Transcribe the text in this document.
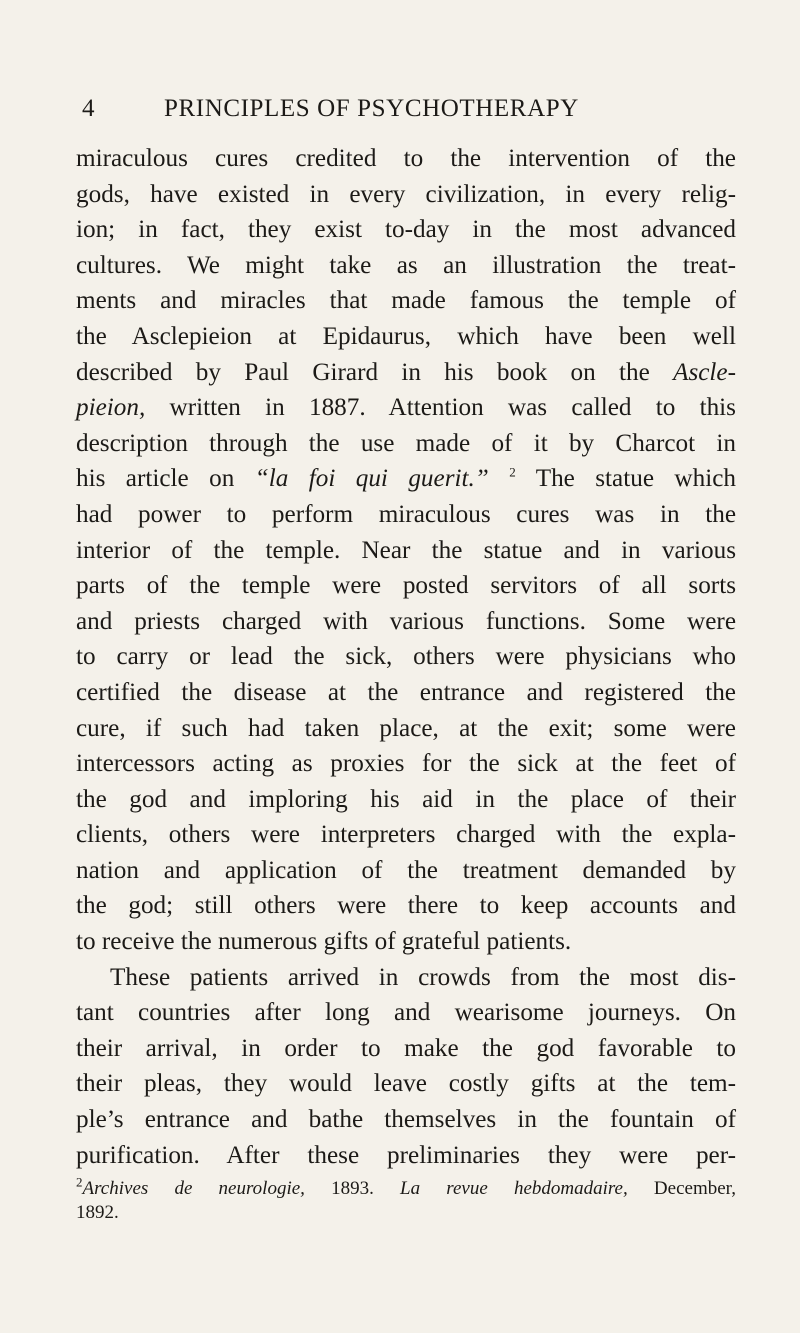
4	PRINCIPLES OF PSYCHOTHERAPY
miraculous cures credited to the intervention of the
gods, have existed in every civilization, in every relig-
ion; in fact, they exist to-day in the most advanced
cultures. We might take as an illustration the treat-
ments and miracles that made famous the temple of
the Asclepieion at Epidaurus, which have been well
described by Paul Girard in his book on the Ascle-
pieion, written in 1887. Attention was called to this
description through the use made of it by Charcot in
his article on “la foi qui guerit.” $^2$ The statue which
had power to perform miraculous cures was in the
interior of the temple. Near the statue and in various
parts of the temple were posted servitors of all sorts
and priests charged with various functions. Some were
to carry or lead the sick, others were physicians who
certified the disease at the entrance and registered the
cure, if such had taken place, at the exit; some were
intercessors acting as proxies for the sick at the feet of
the god and imploring his aid in the place of their
clients, others were interpreters charged with the expla-
nation and application of the treatment demanded by
the god; still others were there to keep accounts and
to receive the numerous gifts of grateful patients.
These patients arrived in crowds from the most dis-
tant countries after long and wearisome journeys. On
their arrival, in order to make the god favorable to
their pleas, they would leave costly gifts at the tem-
ple’s entrance and bathe themselves in the fountain of
purification. After these preliminaries they were per-
$^2$Archives de neurologie, 1893. La revue hebdomadaire, December,
1892.
